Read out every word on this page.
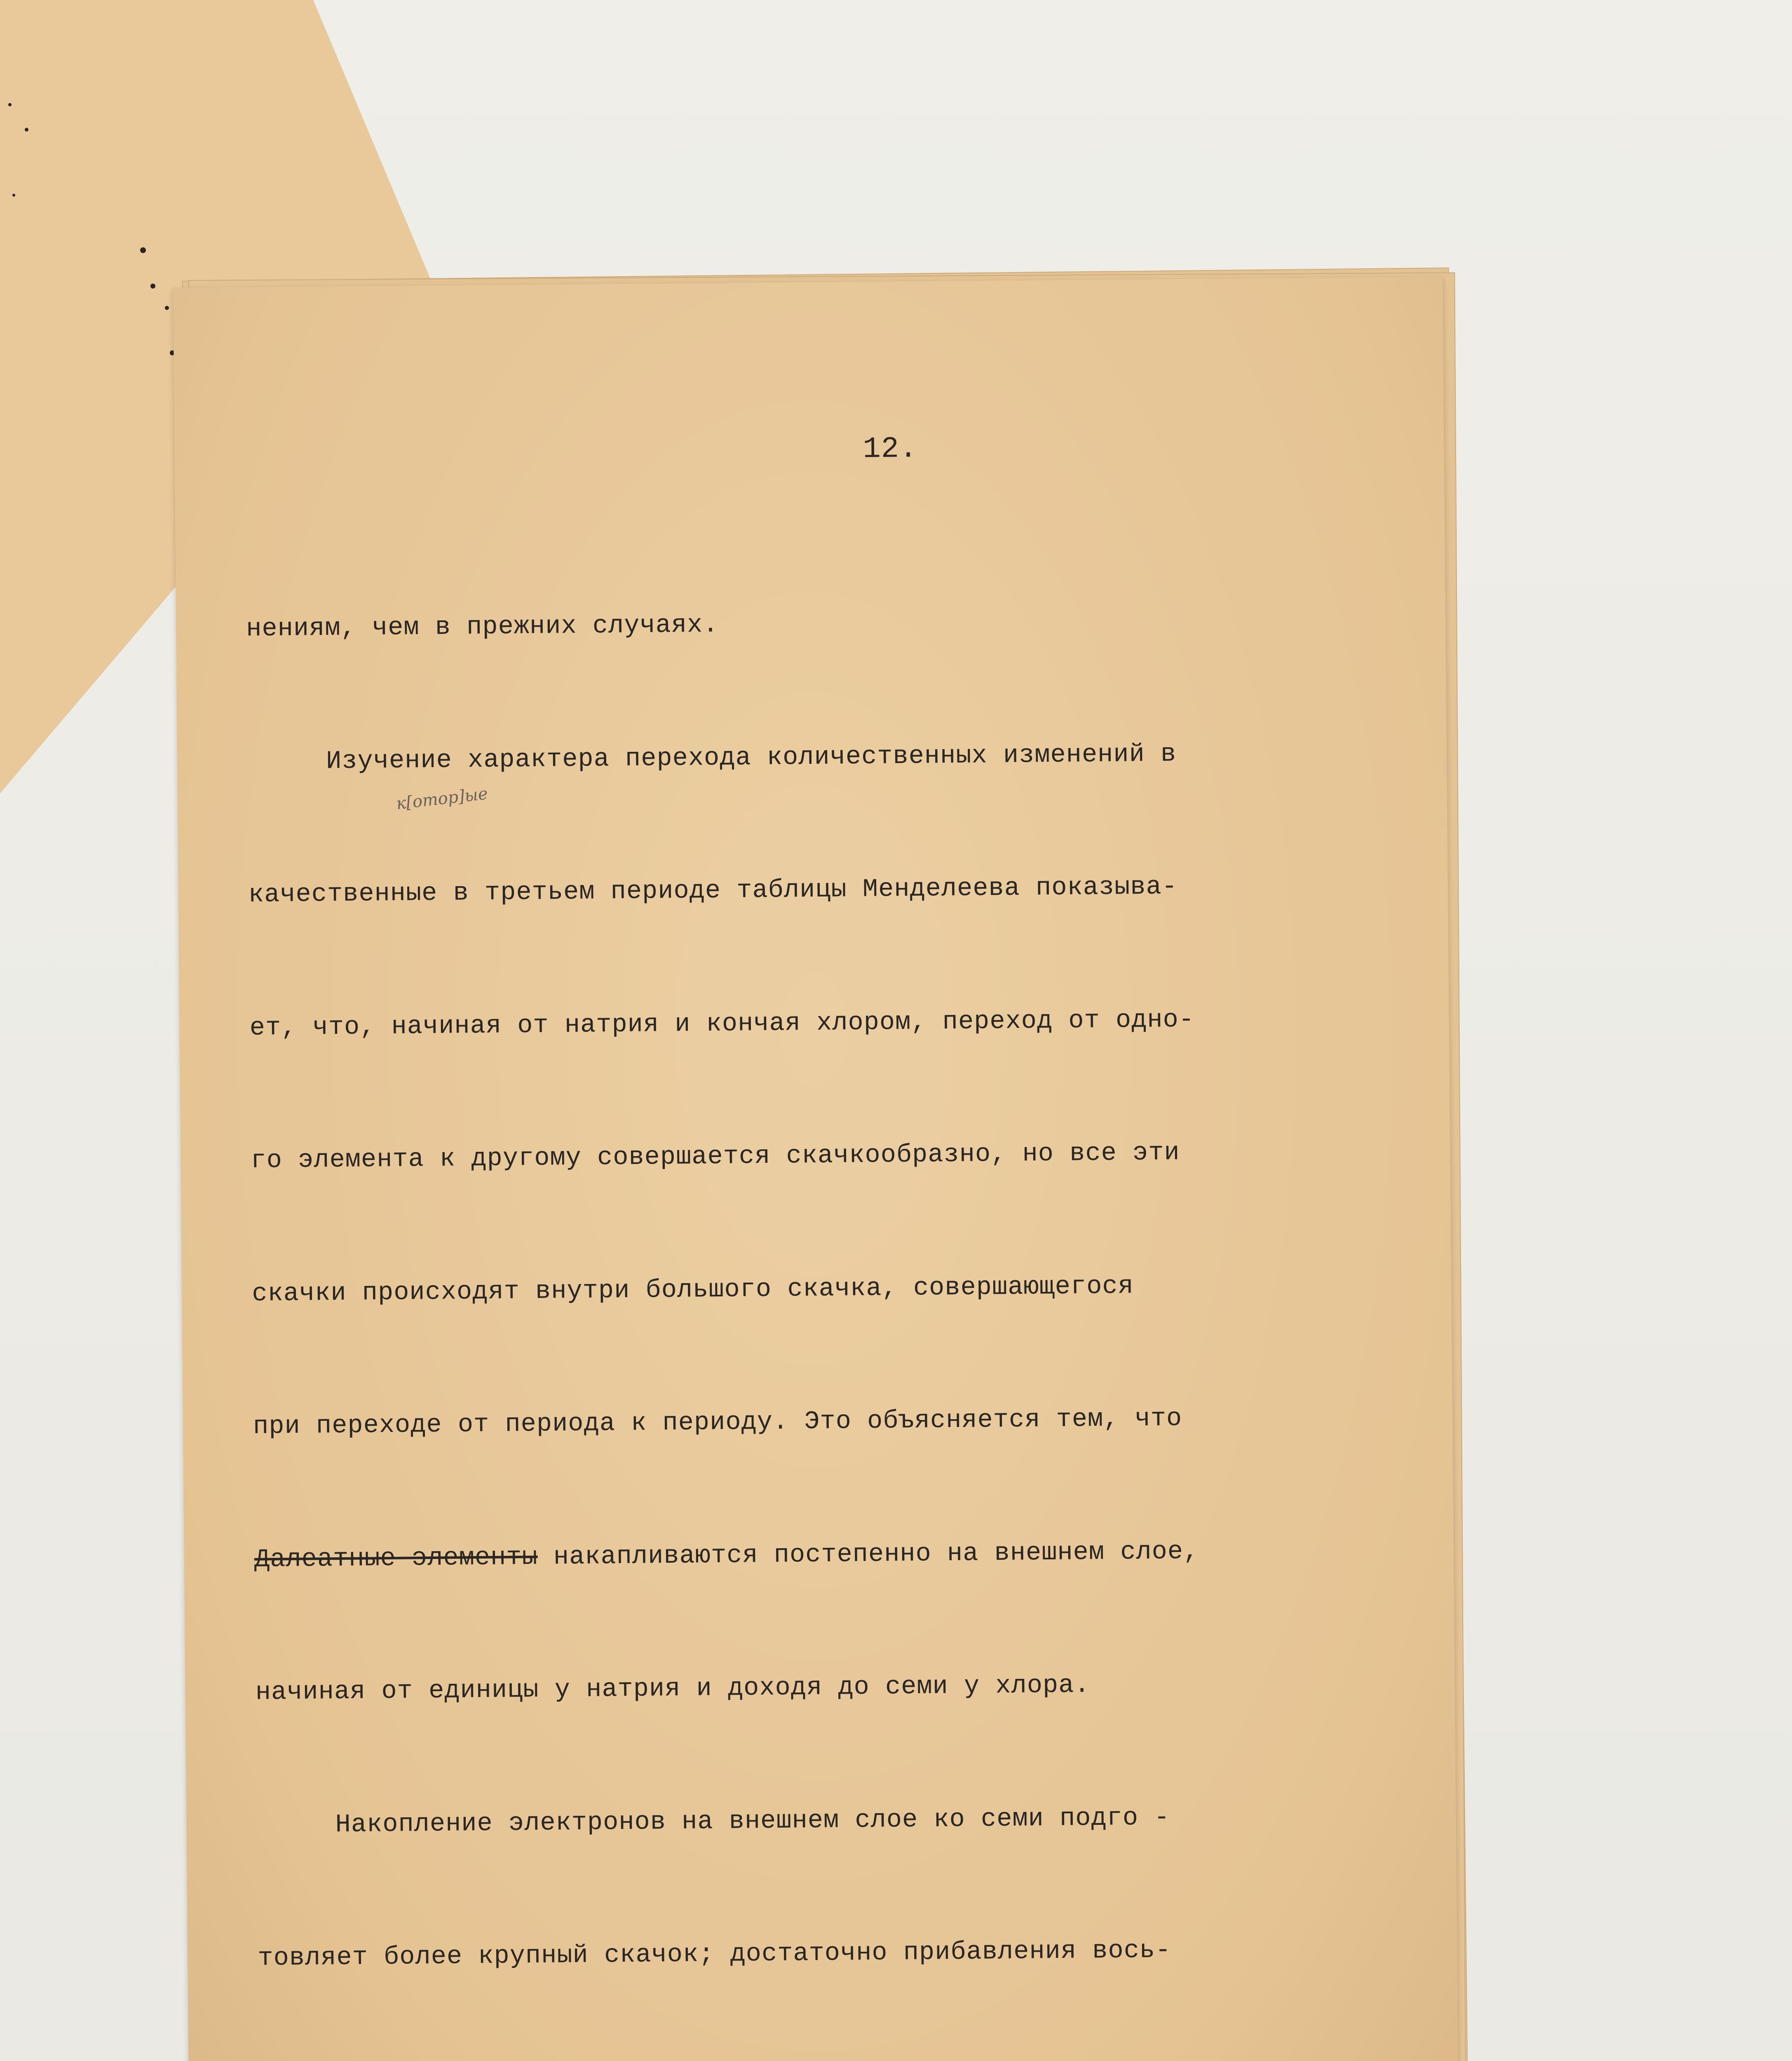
12.

к[отор]ые

нениям, чем в прежних случаях.

Изучение характера перехода количественных изменений в

качественные в третьем периоде таблицы Менделеева показыва-

ет, что, начиная от натрия и кончая хлором, переход от одно-

го элемента к другому совершается скачкообразно, но все эти

скачки происходят внутри большого скачка, совершающегося

при переходе от периода к периоду. Это объясняется тем, что

Далеатные элементы накапливаются постепенно на внешнем слое,

начиная от единицы у натрия и доходя до семи у хлора.

Накопление электронов на внешнем слое ко семи подго -

товляет более крупный скачок; достаточно прибавления вось-
